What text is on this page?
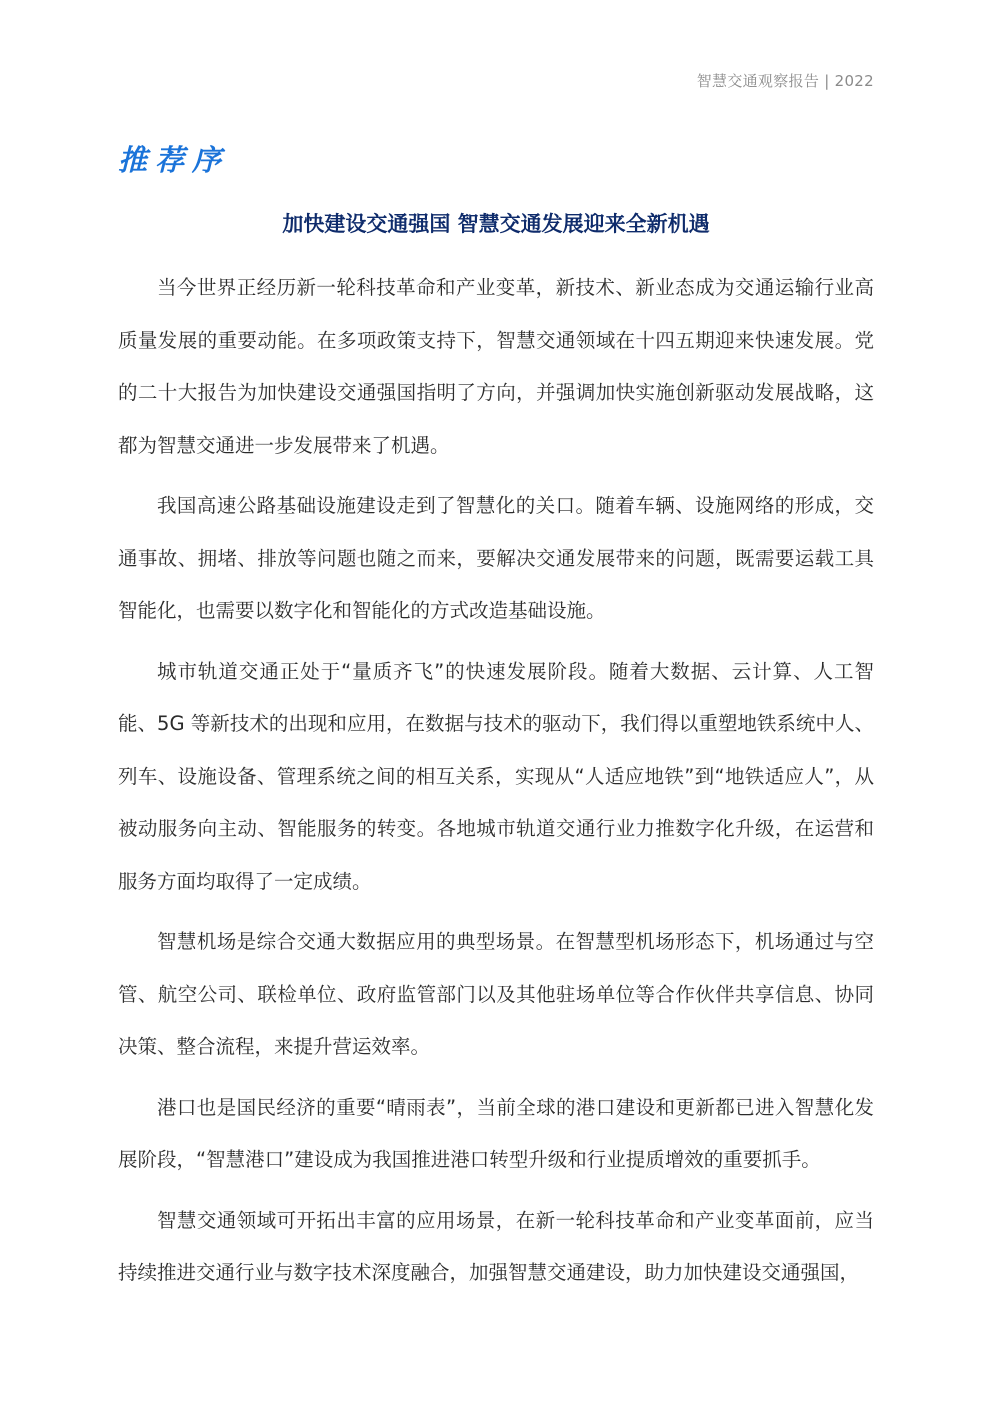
智慧交通观察报告 | 2022
推荐序
加快建设交通强国 智慧交通发展迎来全新机遇

当今世界正经历新一轮科技革命和产业变革，新技术、新业态成为交通运输行业高质量发展的重要动能。在多项政策支持下，智慧交通领域在十四五期迎来快速发展。党的二十大报告为加快建设交通强国指明了方向，并强调加快实施创新驱动发展战略，这都为智慧交通进一步发展带来了机遇。

我国高速公路基础设施建设走到了智慧化的关口。随着车辆、设施网络的形成，交通事故、拥堵、排放等问题也随之而来，要解决交通发展带来的问题，既需要运载工具智能化，也需要以数字化和智能化的方式改造基础设施。

城市轨道交通正处于“量质齐飞”的快速发展阶段。随着大数据、云计算、人工智能、5G 等新技术的出现和应用，在数据与技术的驱动下，我们得以重塑地铁系统中人、列车、设施设备、管理系统之间的相互关系，实现从“人适应地铁”到“地铁适应人”，从被动服务向主动、智能服务的转变。各地城市轨道交通行业力推数字化升级，在运营和服务方面均取得了一定成绩。

智慧机场是综合交通大数据应用的典型场景。在智慧型机场形态下，机场通过与空管、航空公司、联检单位、政府监管部门以及其他驻场单位等合作伙伴共享信息、协同决策、整合流程，来提升营运效率。

港口也是国民经济的重要“晴雨表”，当前全球的港口建设和更新都已进入智慧化发展阶段，“智慧港口”建设成为我国推进港口转型升级和行业提质增效的重要抓手。

智慧交通领域可开拓出丰富的应用场景，在新一轮科技革命和产业变革面前，应当持续推进交通行业与数字技术深度融合，加强智慧交通建设，助力加快建设交通强国，
